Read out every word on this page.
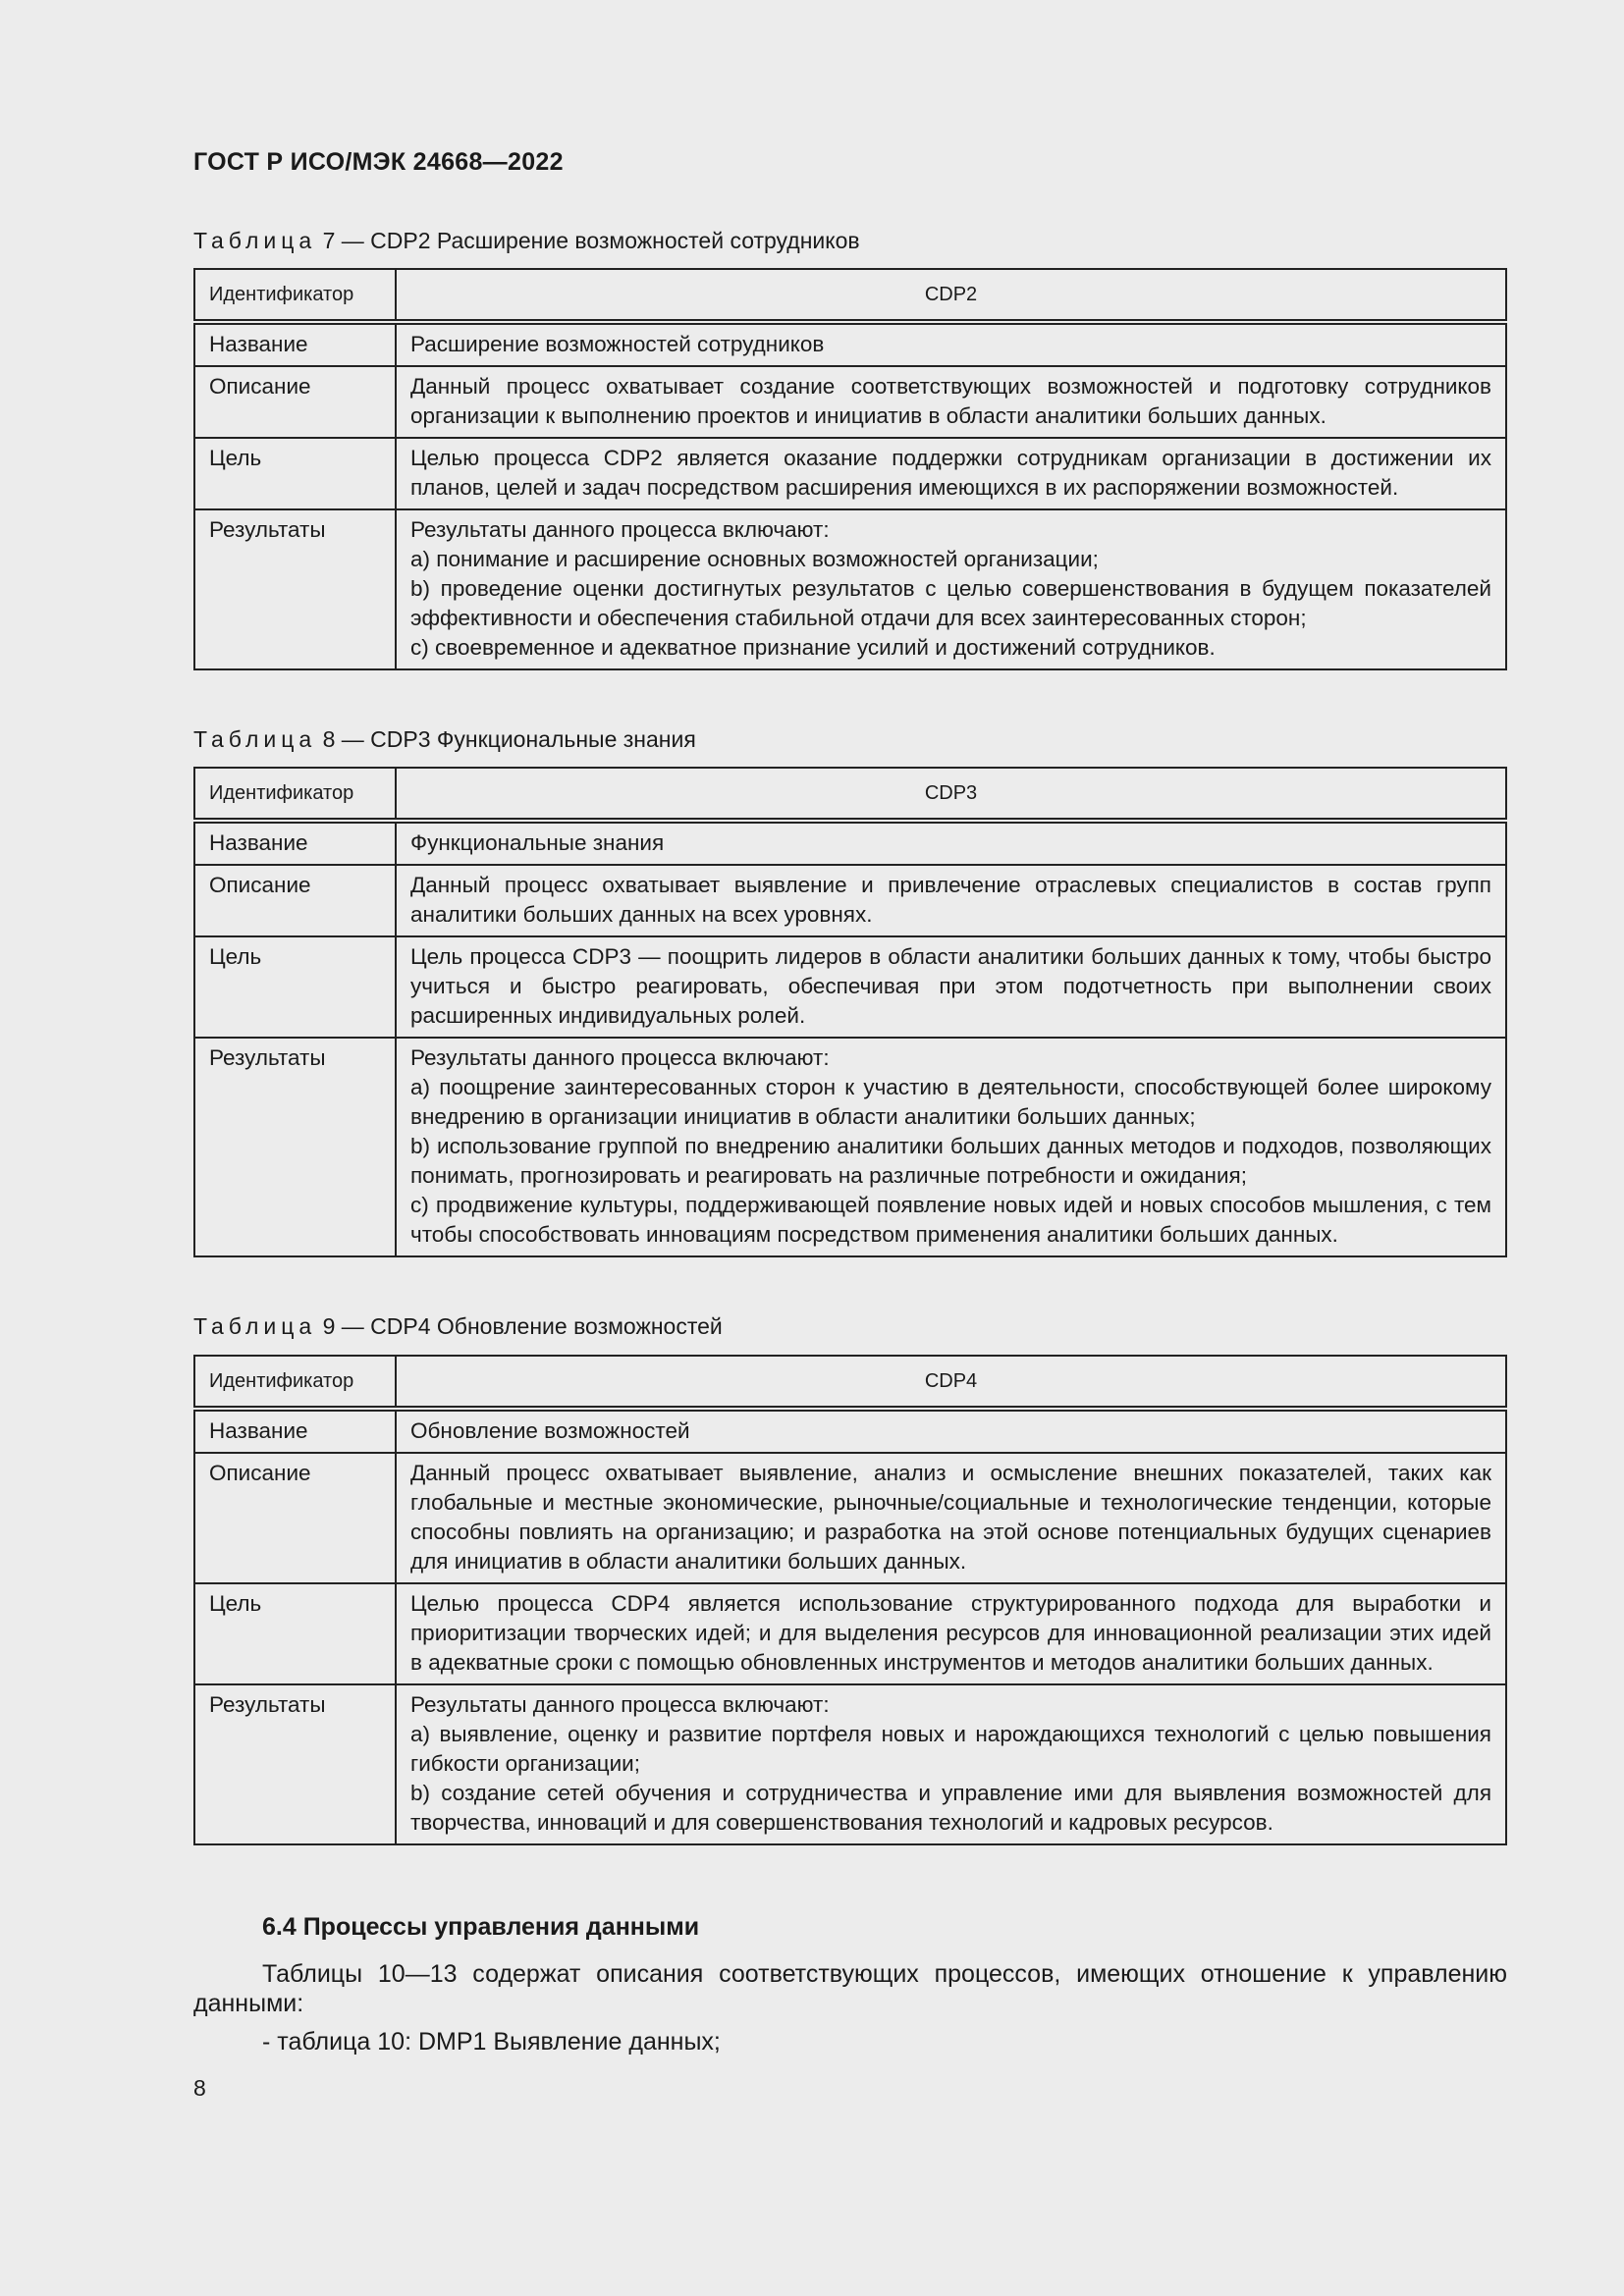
ГОСТ Р ИСО/МЭК 24668—2022
Таблица 7 — CDP2 Расширение возможностей сотрудников
Идентификатор	CDP2
Название	Расширение возможностей сотрудников
Описание	Данный процесс охватывает создание соответствующих возможностей и подготовку сотрудников организации к выполнению проектов и инициатив в области аналитики больших данных.
Цель	Целью процесса CDP2 является оказание поддержки сотрудникам организации в достижении их планов, целей и задач посредством расширения имеющихся в их распоряжении возможностей.
Результаты	Результаты данного процесса включают:
a) понимание и расширение основных возможностей организации;
b) проведение оценки достигнутых результатов с целью совершенствования в будущем показателей эффективности и обеспечения стабильной отдачи для всех заинтересованных сторон;
c) своевременное и адекватное признание усилий и достижений сотрудников.
Таблица 8 — CDP3 Функциональные знания
Идентификатор	CDP3
Название	Функциональные знания
Описание	Данный процесс охватывает выявление и привлечение отраслевых специалистов в состав групп аналитики больших данных на всех уровнях.
Цель	Цель процесса CDP3 — поощрить лидеров в области аналитики больших данных к тому, чтобы быстро учиться и быстро реагировать, обеспечивая при этом подотчетность при выполнении своих расширенных индивидуальных ролей.
Результаты	Результаты данного процесса включают:
a) поощрение заинтересованных сторон к участию в деятельности, способствующей более широкому внедрению в организации инициатив в области аналитики больших данных;
b) использование группой по внедрению аналитики больших данных методов и подходов, позволяющих понимать, прогнозировать и реагировать на различные потребности и ожидания;
c) продвижение культуры, поддерживающей появление новых идей и новых способов мышления, с тем чтобы способствовать инновациям посредством применения аналитики больших данных.
Таблица 9 — CDP4 Обновление возможностей
Идентификатор	CDP4
Название	Обновление возможностей
Описание	Данный процесс охватывает выявление, анализ и осмысление внешних показателей, таких как глобальные и местные экономические, рыночные/социальные и технологические тенденции, которые способны повлиять на организацию; и разработка на этой основе потенциальных будущих сценариев для инициатив в области аналитики больших данных.
Цель	Целью процесса CDP4 является использование структурированного подхода для выработки и приоритизации творческих идей; и для выделения ресурсов для инновационной реализации этих идей в адекватные сроки с помощью обновленных инструментов и методов аналитики больших данных.
Результаты	Результаты данного процесса включают:
a) выявление, оценку и развитие портфеля новых и нарождающихся технологий с целью повышения гибкости организации;
b) создание сетей обучения и сотрудничества и управление ими для выявления возможностей для творчества, инноваций и для совершенствования технологий и кадровых ресурсов.
6.4 Процессы управления данными
Таблицы 10—13 содержат описания соответствующих процессов, имеющих отношение к управлению данными:
- таблица 10: DMP1 Выявление данных;
8
